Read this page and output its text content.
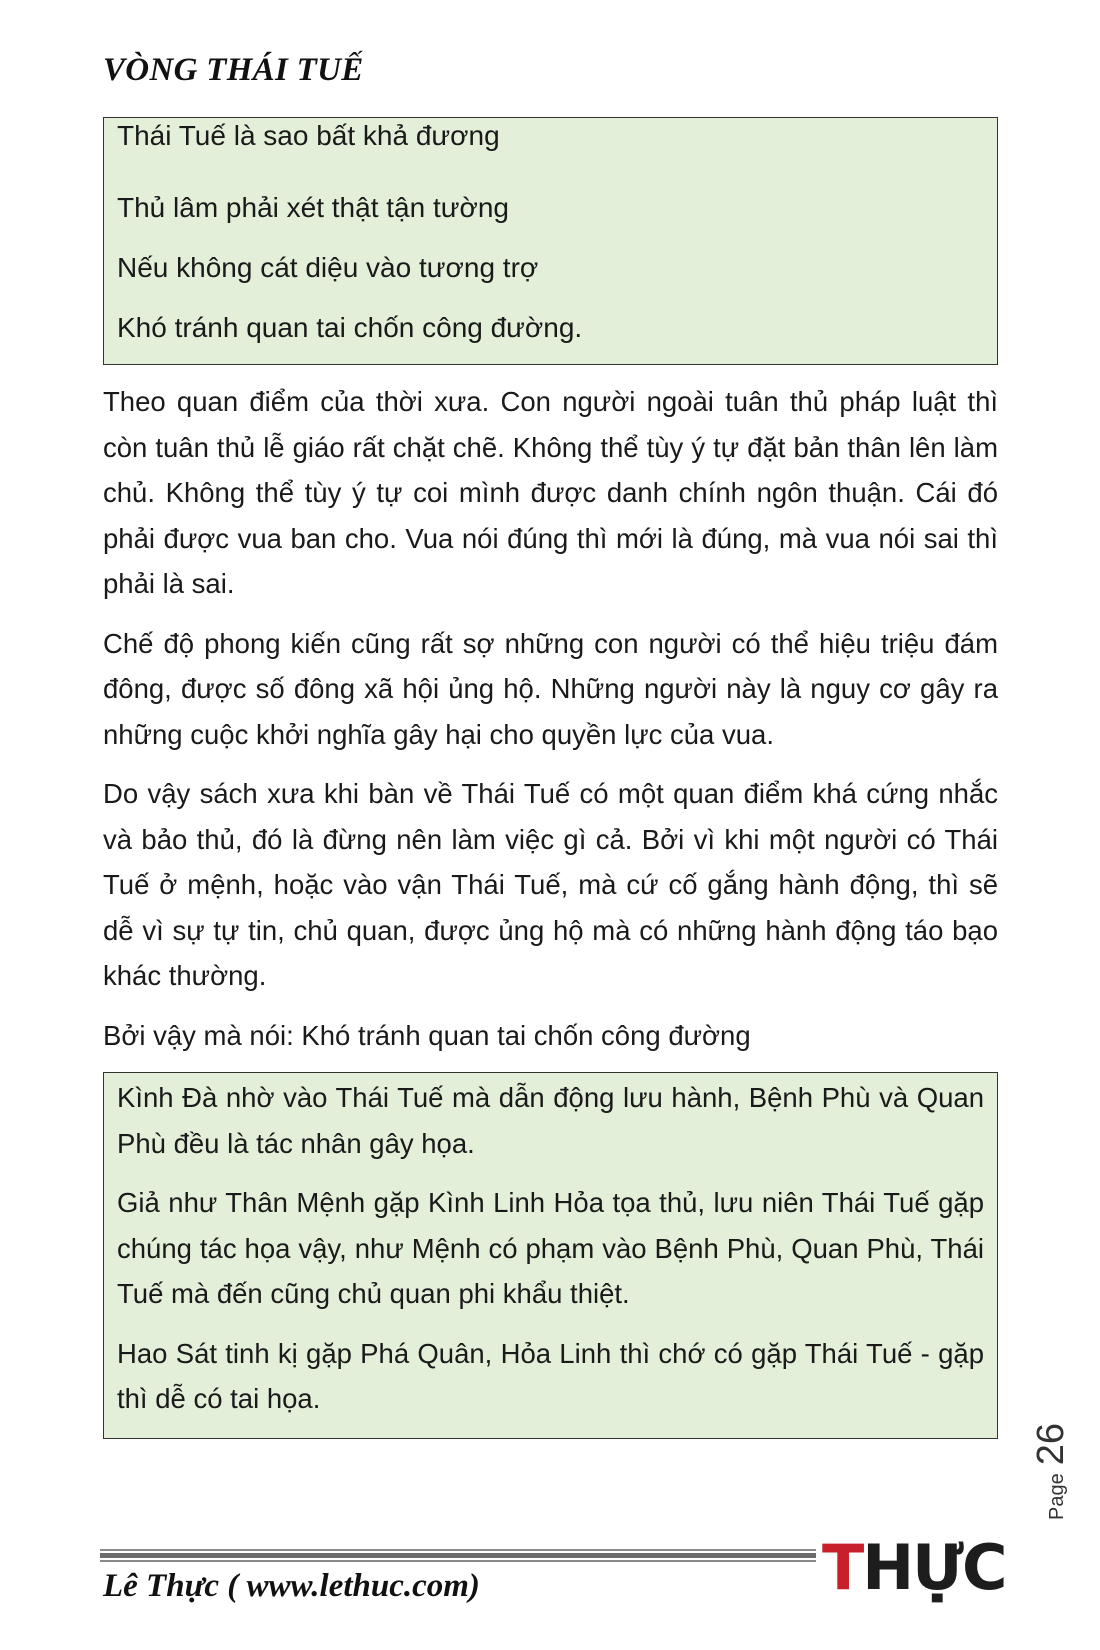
VÒNG THÁI TUẾ

Thái Tuế là sao bất khả đương

Thủ lâm phải xét thật tận tường

Nếu không cát diệu vào tương trợ

Khó tránh quan tai chốn công đường.

Theo quan điểm của thời xưa. Con người ngoài tuân thủ pháp luật thì còn tuân thủ lễ giáo rất chặt chẽ. Không thể tùy ý tự đặt bản thân lên làm chủ. Không thể tùy ý tự coi mình được danh chính ngôn thuận. Cái đó phải được vua ban cho. Vua nói đúng thì mới là đúng, mà vua nói sai thì phải là sai.

Chế độ phong kiến cũng rất sợ những con người có thể hiệu triệu đám đông, được số đông xã hội ủng hộ. Những người này là nguy cơ gây ra những cuộc khởi nghĩa gây hại cho quyền lực của vua.

Do vậy sách xưa khi bàn về Thái Tuế có một quan điểm khá cứng nhắc và bảo thủ, đó là đừng nên làm việc gì cả. Bởi vì khi một người có Thái Tuế ở mệnh, hoặc vào vận Thái Tuế, mà cứ cố gắng hành động, thì sẽ dễ vì sự tự tin, chủ quan, được ủng hộ mà có những hành động táo bạo khác thường.

Bởi vậy mà nói: Khó tránh quan tai chốn công đường

Kình Đà nhờ vào Thái Tuế mà dẫn động lưu hành, Bệnh Phù và Quan Phù đều là tác nhân gây họa.

Giả như Thân Mệnh gặp Kình Linh Hỏa tọa thủ, lưu niên Thái Tuế gặp chúng tác họa vậy, như Mệnh có phạm vào Bệnh Phù, Quan Phù, Thái Tuế mà đến cũng chủ quan phi khẩu thiệt.

Hao Sát tinh kị gặp Phá Quân, Hỏa Linh thì chớ có gặp Thái Tuế - gặp thì dễ có tai họa.

Page26

Lê Thực ( www.lethuc.com)	THỰC
